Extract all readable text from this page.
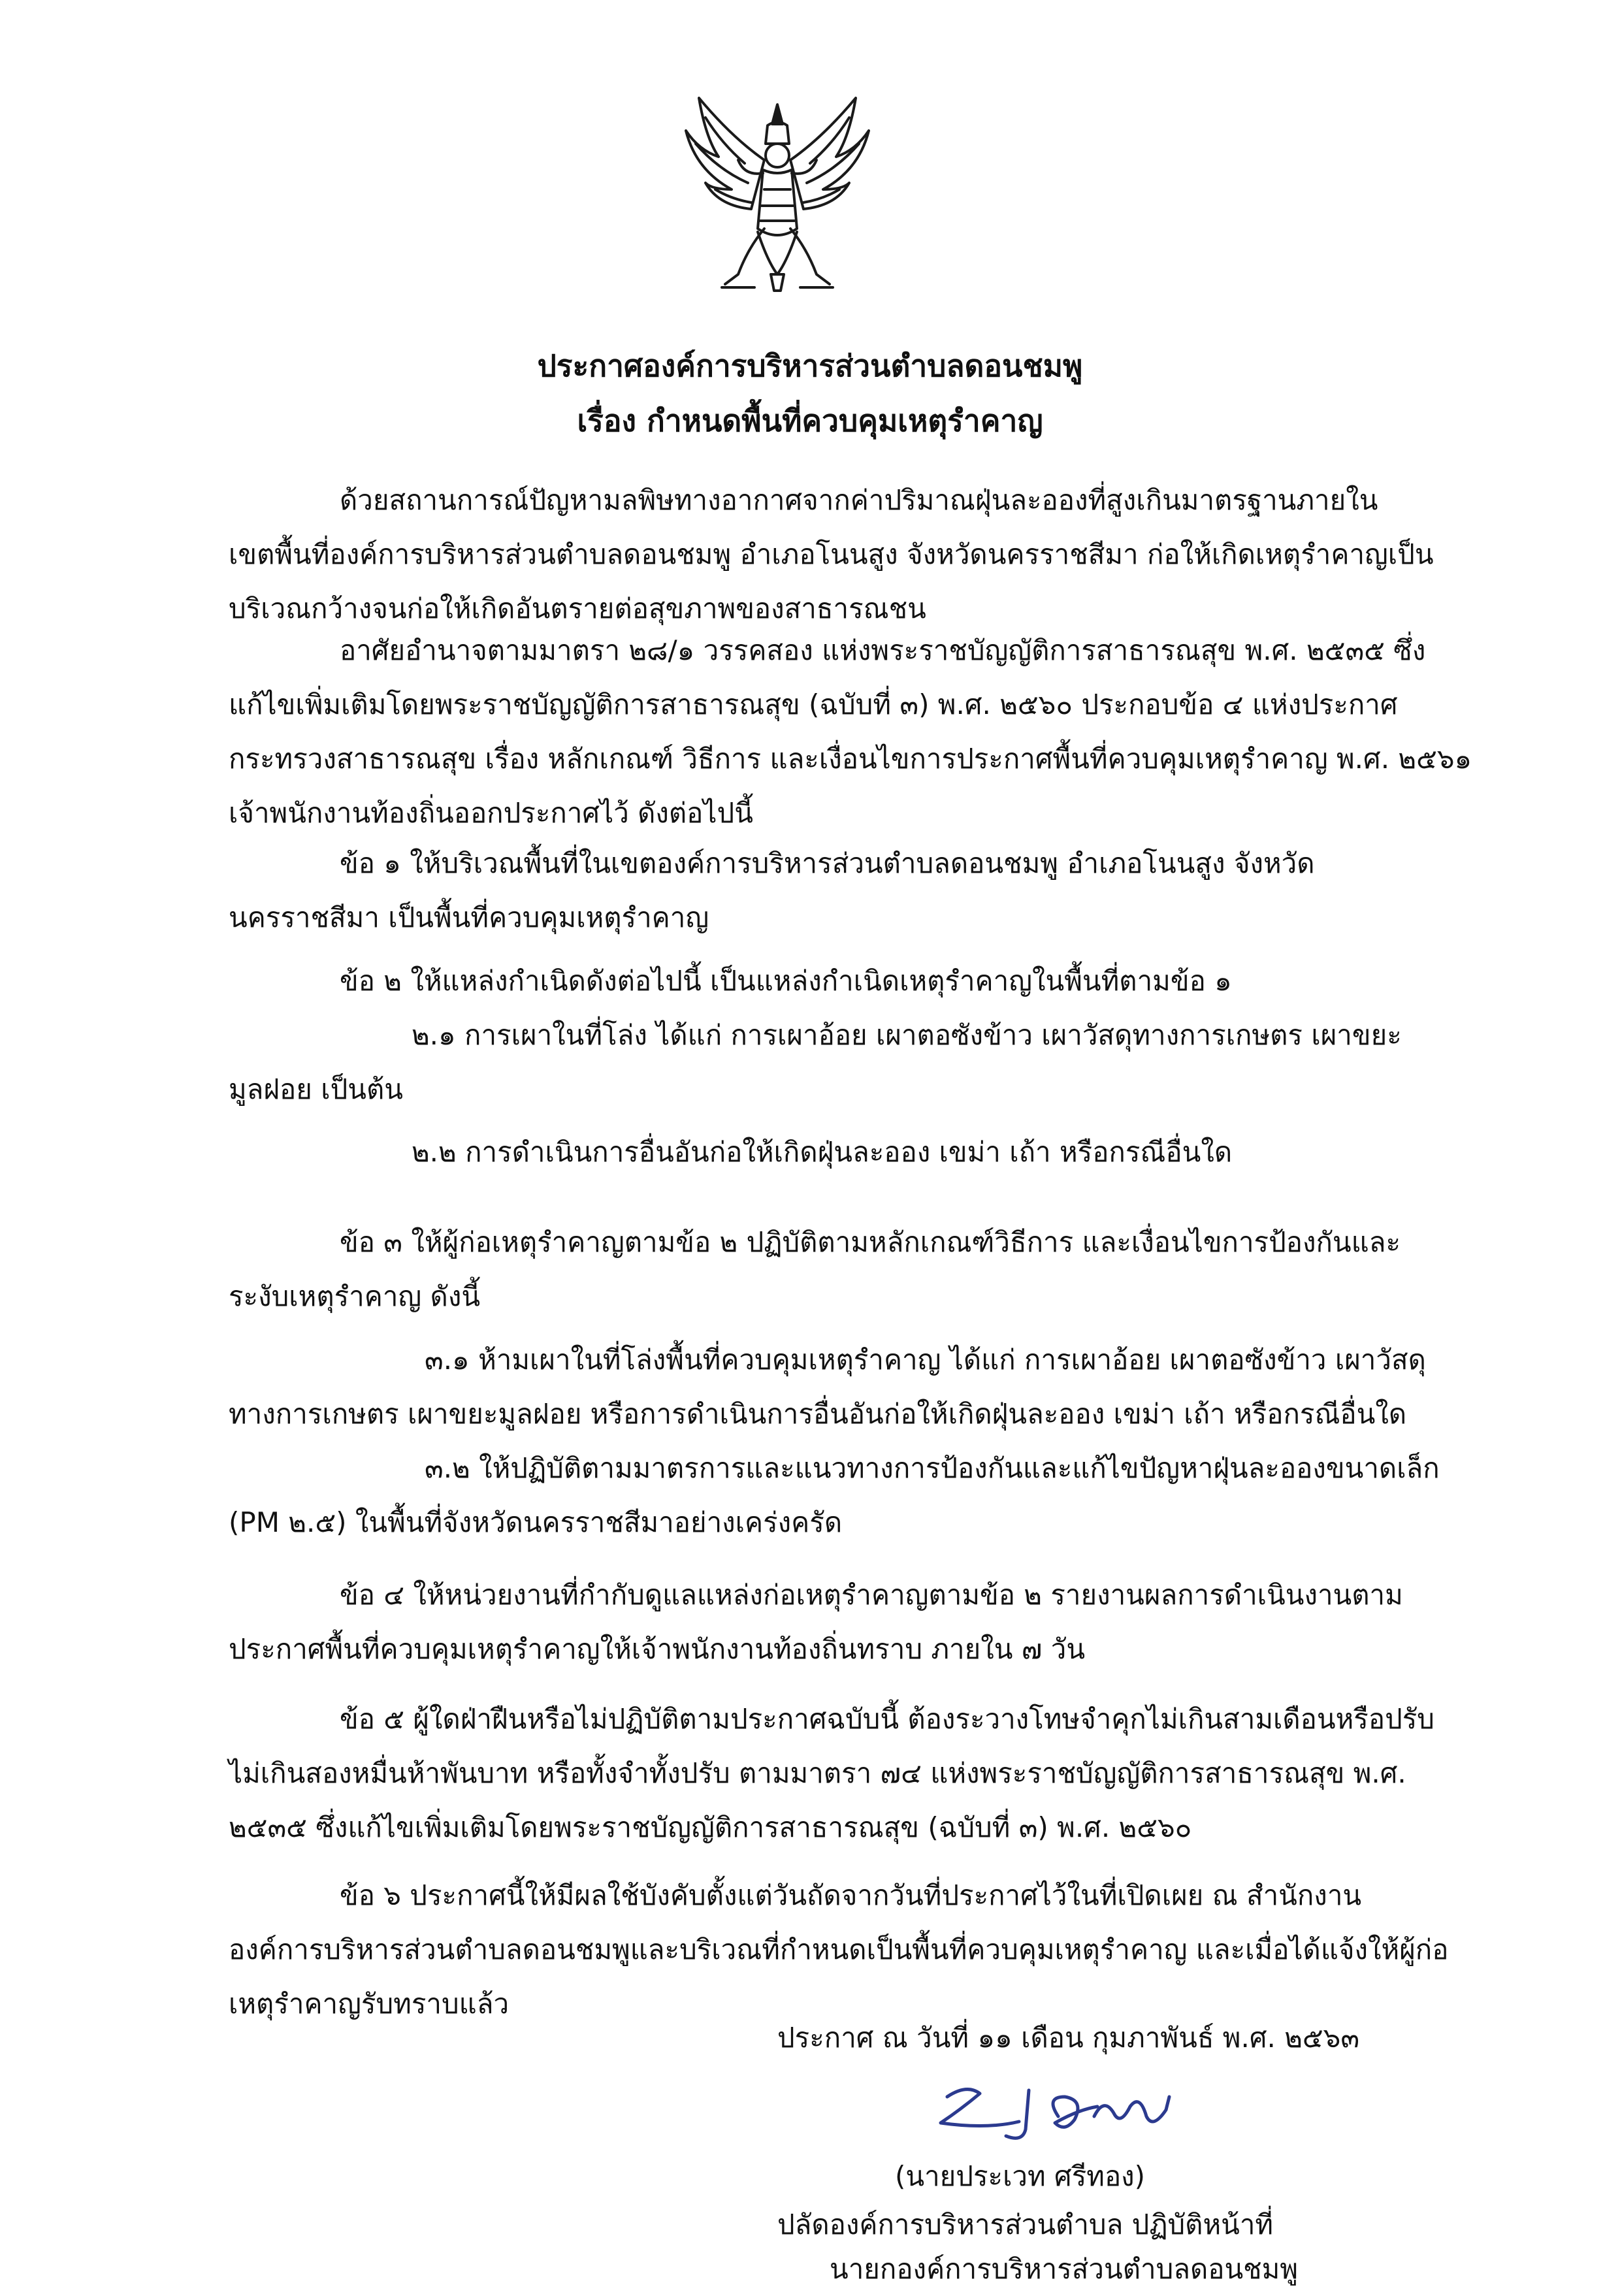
ประกาศองค์การบริหารส่วนตำบลดอนชมพู
เรื่อง กำหนดพื้นที่ควบคุมเหตุรำคาญ
ด้วยสถานการณ์ปัญหามลพิษทางอากาศจากค่าปริมาณฝุ่นละอองที่สูงเกินมาตรฐานภายใน
เขตพื้นที่องค์การบริหารส่วนตำบลดอนชมพู อำเภอโนนสูง จังหวัดนครราชสีมา ก่อให้เกิดเหตุรำคาญเป็น
บริเวณกว้างจนก่อให้เกิดอันตรายต่อสุขภาพของสาธารณชน
อาศัยอำนาจตามมาตรา ๒๘/๑ วรรคสอง แห่งพระราชบัญญัติการสาธารณสุข พ.ศ. ๒๕๓๕ ซึ่ง
แก้ไขเพิ่มเติมโดยพระราชบัญญัติการสาธารณสุข (ฉบับที่ ๓) พ.ศ. ๒๕๖๐ ประกอบข้อ ๔ แห่งประกาศ
กระทรวงสาธารณสุข เรื่อง หลักเกณฑ์ วิธีการ และเงื่อนไขการประกาศพื้นที่ควบคุมเหตุรำคาญ พ.ศ. ๒๕๖๑
เจ้าพนักงานท้องถิ่นออกประกาศไว้ ดังต่อไปนี้
ข้อ ๑ ให้บริเวณพื้นที่ในเขตองค์การบริหารส่วนตำบลดอนชมพู อำเภอโนนสูง จังหวัด
นครราชสีมา เป็นพื้นที่ควบคุมเหตุรำคาญ
ข้อ ๒ ให้แหล่งกำเนิดดังต่อไปนี้ เป็นแหล่งกำเนิดเหตุรำคาญในพื้นที่ตามข้อ ๑
๒.๑ การเผาในที่โล่ง ได้แก่ การเผาอ้อย เผาตอซังข้าว เผาวัสดุทางการเกษตร เผาขยะ
มูลฝอย เป็นต้น
๒.๒ การดำเนินการอื่นอันก่อให้เกิดฝุ่นละออง เขม่า เถ้า หรือกรณีอื่นใด
ข้อ ๓ ให้ผู้ก่อเหตุรำคาญตามข้อ ๒ ปฏิบัติตามหลักเกณฑ์วิธีการ และเงื่อนไขการป้องกันและ
ระงับเหตุรำคาญ ดังนี้
๓.๑ ห้ามเผาในที่โล่งพื้นที่ควบคุมเหตุรำคาญ ได้แก่ การเผาอ้อย เผาตอซังข้าว เผาวัสดุ
ทางการเกษตร เผาขยะมูลฝอย หรือการดำเนินการอื่นอันก่อให้เกิดฝุ่นละออง เขม่า เถ้า หรือกรณีอื่นใด
๓.๒ ให้ปฏิบัติตามมาตรการและแนวทางการป้องกันและแก้ไขปัญหาฝุ่นละอองขนาดเล็ก
(PM ๒.๕) ในพื้นที่จังหวัดนครราชสีมาอย่างเคร่งครัด
ข้อ ๔ ให้หน่วยงานที่กำกับดูแลแหล่งก่อเหตุรำคาญตามข้อ ๒ รายงานผลการดำเนินงานตาม
ประกาศพื้นที่ควบคุมเหตุรำคาญให้เจ้าพนักงานท้องถิ่นทราบ ภายใน ๗ วัน
ข้อ ๕ ผู้ใดฝ่าฝืนหรือไม่ปฏิบัติตามประกาศฉบับนี้ ต้องระวางโทษจำคุกไม่เกินสามเดือนหรือปรับ
ไม่เกินสองหมื่นห้าพันบาท หรือทั้งจำทั้งปรับ ตามมาตรา ๗๔ แห่งพระราชบัญญัติการสาธารณสุข พ.ศ.
๒๕๓๕ ซึ่งแก้ไขเพิ่มเติมโดยพระราชบัญญัติการสาธารณสุข (ฉบับที่ ๓) พ.ศ. ๒๕๖๐
ข้อ ๖ ประกาศนี้ให้มีผลใช้บังคับตั้งแต่วันถัดจากวันที่ประกาศไว้ในที่เปิดเผย ณ สำนักงาน
องค์การบริหารส่วนตำบลดอนชมพูและบริเวณที่กำหนดเป็นพื้นที่ควบคุมเหตุรำคาญ และเมื่อได้แจ้งให้ผู้ก่อ
เหตุรำคาญรับทราบแล้ว
ประกาศ ณ วันที่ ๑๑ เดือน กุมภาพันธ์ พ.ศ. ๒๕๖๓
(นายประเวท ศรีทอง)
ปลัดองค์การบริหารส่วนตำบล ปฏิบัติหน้าที่
นายกองค์การบริหารส่วนตำบลดอนชมพู
